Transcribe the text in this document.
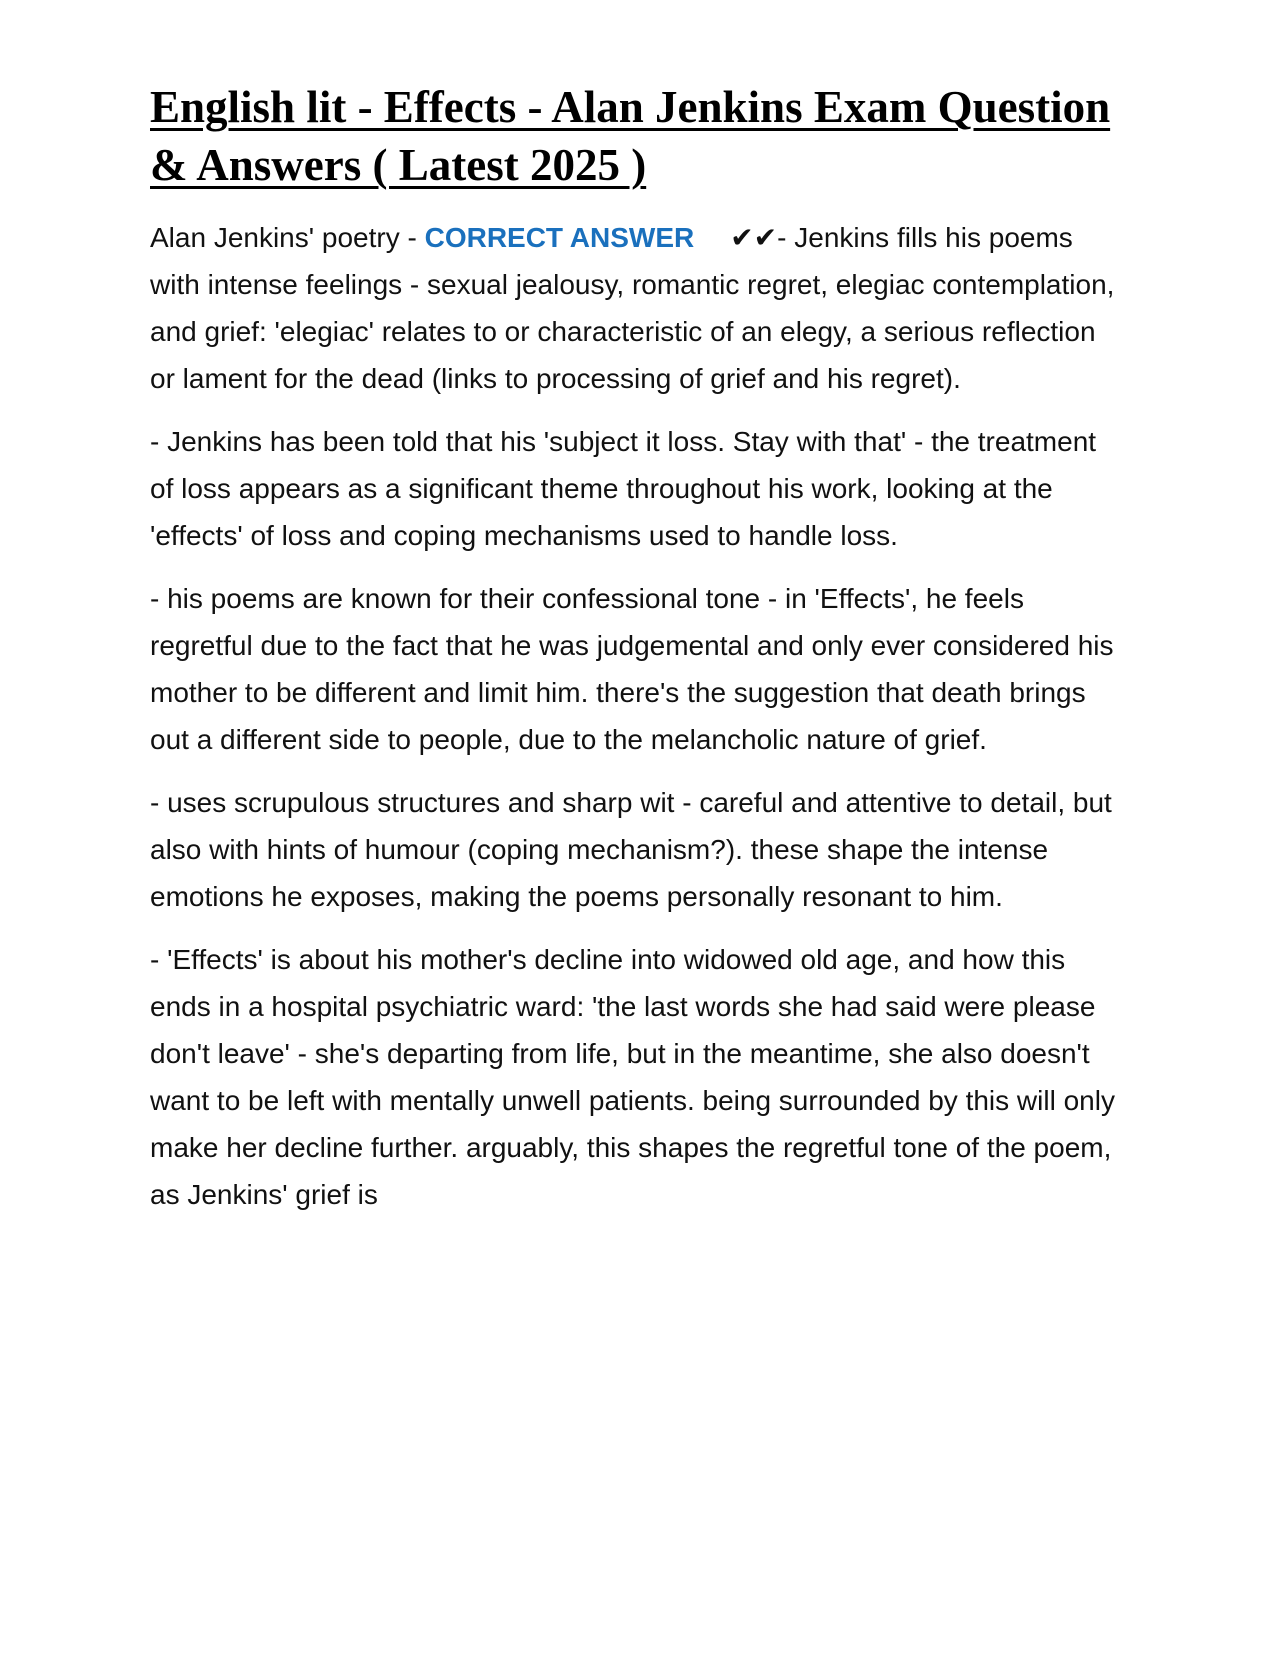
English lit - Effects - Alan Jenkins Exam Question & Answers ( Latest 2025 )

Alan Jenkins' poetry - CORRECT ANSWER ✔✔- Jenkins fills his poems with intense feelings - sexual jealousy, romantic regret, elegiac contemplation, and grief: 'elegiac' relates to or characteristic of an elegy, a serious reflection or lament for the dead (links to processing of grief and his regret).

- Jenkins has been told that his 'subject it loss. Stay with that' - the treatment of loss appears as a significant theme throughout his work, looking at the 'effects' of loss and coping mechanisms used to handle loss.

- his poems are known for their confessional tone - in 'Effects', he feels regretful due to the fact that he was judgemental and only ever considered his mother to be different and limit him. there's the suggestion that death brings out a different side to people, due to the melancholic nature of grief.

- uses scrupulous structures and sharp wit - careful and attentive to detail, but also with hints of humour (coping mechanism?). these shape the intense emotions he exposes, making the poems personally resonant to him.

- 'Effects' is about his mother's decline into widowed old age, and how this ends in a hospital psychiatric ward: 'the last words she had said were please don't leave' - she's departing from life, but in the meantime, she also doesn't want to be left with mentally unwell patients. being surrounded by this will only make her decline further. arguably, this shapes the regretful tone of the poem, as Jenkins' grief is
